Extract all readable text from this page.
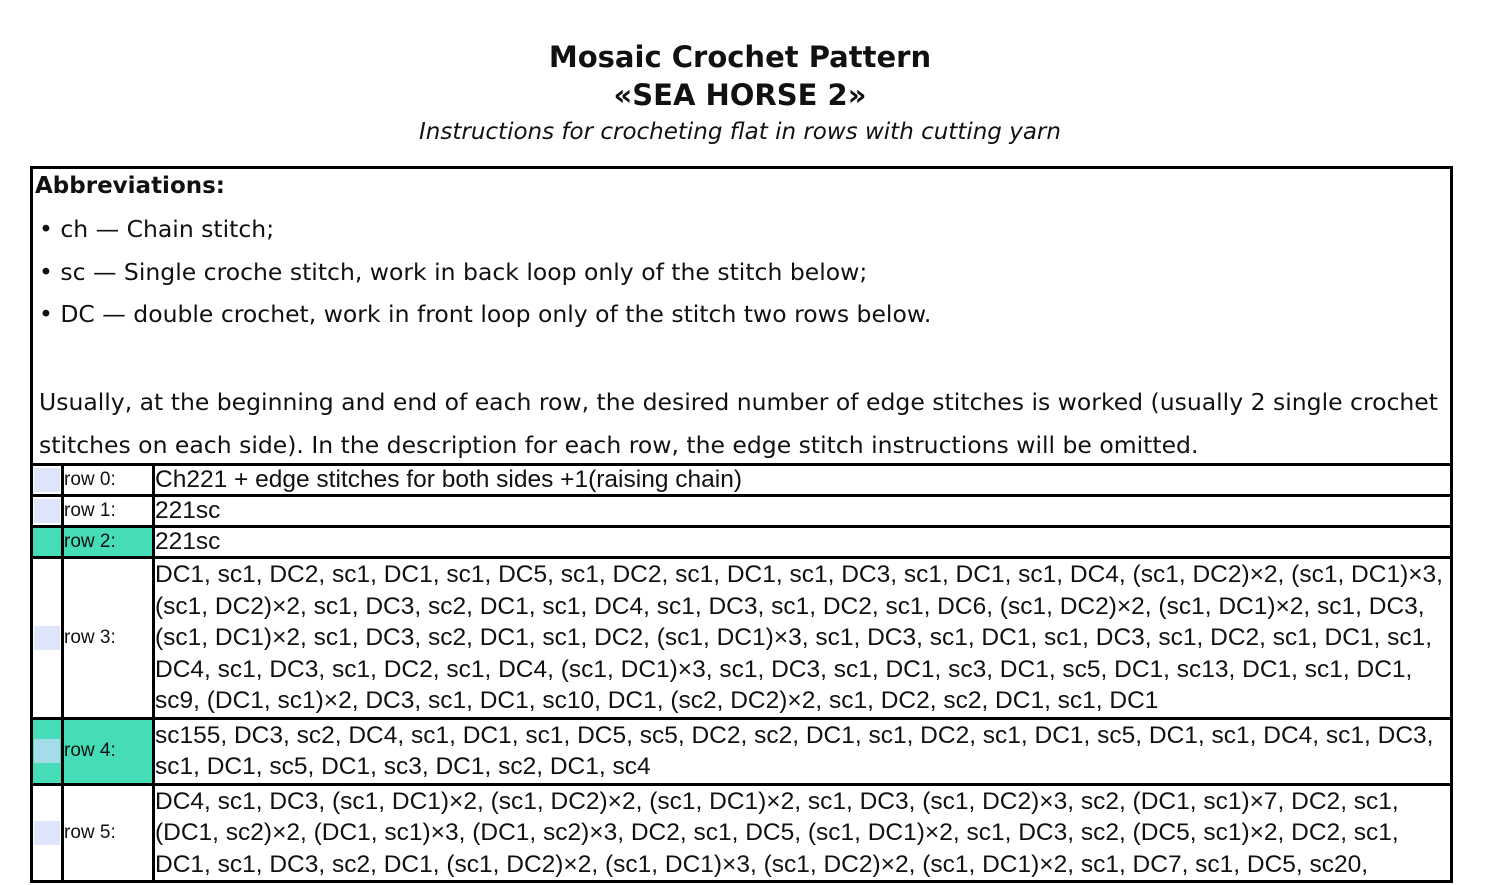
Mosaic Crochet Pattern
«SEA HORSE 2»
Instructions for crocheting flat in rows with cutting yarn
Abbreviations:
• ch — Chain stitch;
• sc — Single croche stitch, work in back loop only of the stitch below;
• DC — double crochet, work in front loop only of the stitch two rows below.
Usually, at the beginning and end of each row, the desired number of edge stitches is worked (usually 2 single crochet stitches on each side). In the description for each row, the edge stitch instructions will be omitted.
	row 0:	Ch221 + edge stitches for both sides +1(raising chain)

	row 1:	221sc

	row 2:	221sc

	row 3:	DC1, sc1, DC2, sc1, DC1, sc1, DC5, sc1, DC2, sc1, DC1, sc1, DC3, sc1, DC1, sc1, DC4, (sc1, DC2)×2, (sc1, DC1)×3, (sc1, DC2)×2, sc1, DC3, sc2, DC1, sc1, DC4, sc1, DC3, sc1, DC2, sc1, DC6, (sc1, DC2)×2, (sc1, DC1)×2, sc1, DC3, (sc1, DC1)×2, sc1, DC3, sc2, DC1, sc1, DC2, (sc1, DC1)×3, sc1, DC3, sc1, DC1, sc1, DC3, sc1, DC2, sc1, DC1, sc1, DC4, sc1, DC3, sc1, DC2, sc1, DC4, (sc1, DC1)×3, sc1, DC3, sc1, DC1, sc3, DC1, sc5, DC1, sc13, DC1, sc1, DC1, sc9, (DC1, sc1)×2, DC3, sc1, DC1, sc10, DC1, (sc2, DC2)×2, sc1, DC2, sc2, DC1, sc1, DC1

	row 4:	sc155, DC3, sc2, DC4, sc1, DC1, sc1, DC5, sc5, DC2, sc2, DC1, sc1, DC2, sc1, DC1, sc5, DC1, sc1, DC4, sc1, DC3, sc1, DC1, sc5, DC1, sc3, DC1, sc2, DC1, sc4

	row 5:	DC4, sc1, DC3, (sc1, DC1)×2, (sc1, DC2)×2, (sc1, DC1)×2, sc1, DC3, (sc1, DC2)×3, sc2, (DC1, sc1)×7, DC2, sc1, (DC1, sc2)×2, (DC1, sc1)×3, (DC1, sc2)×3, DC2, sc1, DC5, (sc1, DC1)×2, sc1, DC3, sc2, (DC5, sc1)×2, DC2, sc1, DC1, sc1, DC3, sc2, DC1, (sc1, DC2)×2, (sc1, DC1)×3, (sc1, DC2)×2, (sc1, DC1)×2, sc1, DC7, sc1, DC5, sc20,
